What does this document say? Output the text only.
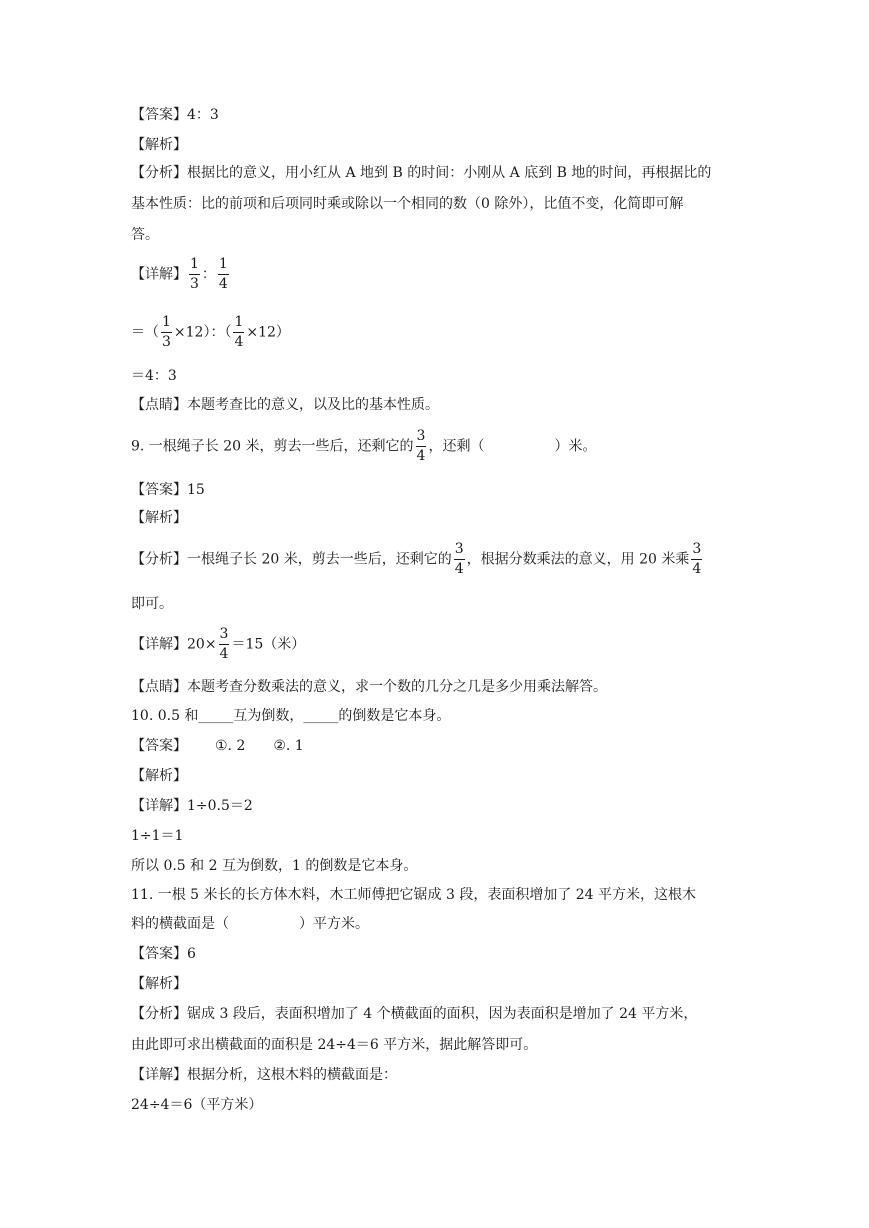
【答案】4：3
【解析】
【分析】根据比的意义，用小红从 A 地到 B 的时间：小刚从 A 底到 B 地的时间，再根据比的
基本性质：比的前项和后项同时乘或除以一个相同的数（0 除外），比值不变，化简即可解
答。
【详解】 $\frac{1}{3}$ ： $\frac{1}{4}$
＝（ $\frac{1}{3} \times 12$）：（ $\frac{1}{4} \times 12$）
＝4：3
【点睛】本题考查比的意义，以及比的基本性质。
9. 一根绳子长 20 米，剪去一些后，还剩它的 $\frac{3}{4}$ ，还剩（	）米。
【答案】15
【解析】
【分析】一根绳子长 20 米，剪去一些后，还剩它的 $\frac{3}{4}$ ，根据分数乘法的意义，用 20 米乘 $\frac{3}{4}$
即可。
【详解】$20\times \frac{3}{4} =15$（米）
【点睛】本题考查分数乘法的意义，求一个数的几分之几是多少用乘法解答。
10. 0.5 和_____互为倒数，_____的倒数是它本身。
【答案】 ①. 2 ②. 1
【解析】
【详解】1÷0.5＝2
1÷1＝1
所以 0.5 和 2 互为倒数，1 的倒数是它本身。
11. 一根 5 米长的长方体木料，木工师傅把它锯成 3 段，表面积增加了 24 平方米，这根木
料的横截面是（	）平方米。
【答案】6
【解析】
【分析】锯成 3 段后，表面积增加了 4 个横截面的面积，因为表面积是增加了 24 平方米，
由此即可求出横截面的面积是 24÷4＝6 平方米，据此解答即可。
【详解】根据分析，这根木料的横截面是：
24÷4＝6（平方米）
